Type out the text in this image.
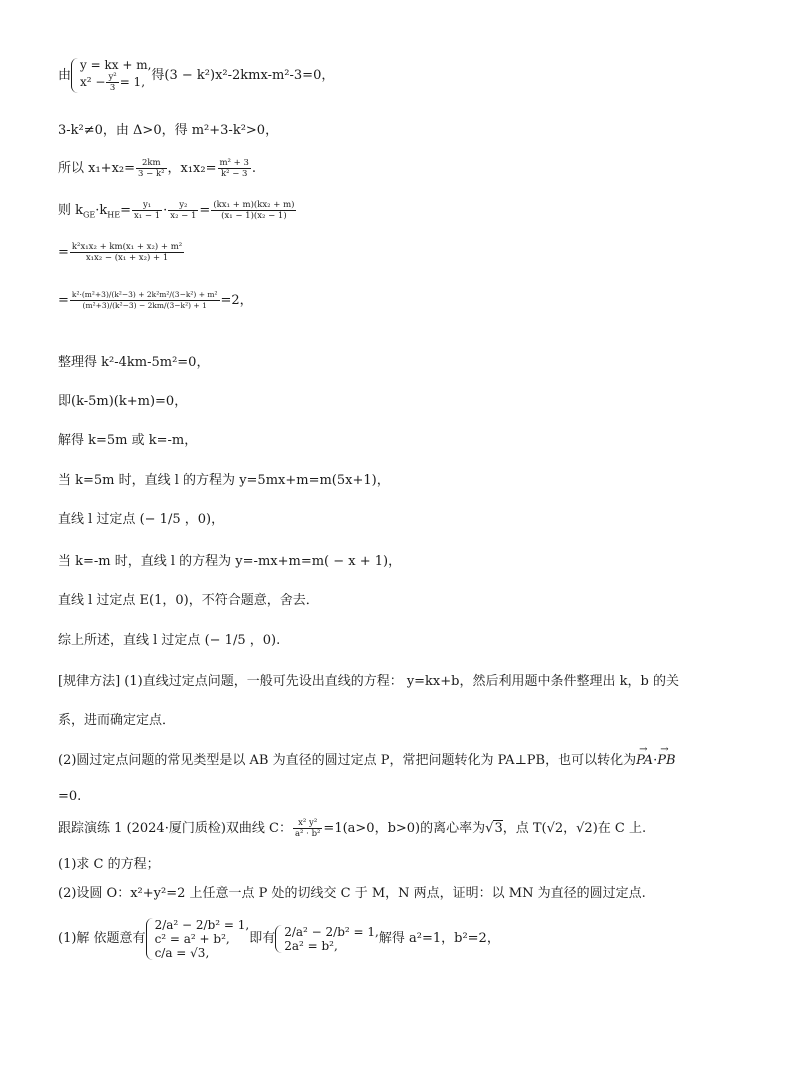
由
y = kx + m,
$x^2 - \frac{\text{y²}}{3} = 1$, 得(3 − k²)x²-2kmx-m²-3=0，
3-k²≠0，由 Δ>0，得 m²+3-k²>0，
所以 $x_1+x_2= \frac{2km}{\text{3 − k²}}$ ，$x_1x_2= \frac{\text{m² + 3}}{\text{k² − 3}}$ .
则 $k_{GE}\cdot k_{HE}= \frac{\text{y₁}}{\text{x₁ − 1}} \cdot \frac{\text{y₂}}{\text{x₂ − 1}} = \frac{\text{(kx₁ + m)(kx₂ + m)}}{\text{(x₁ − 1)(x₂ − 1)}}$
= $\frac{\text{k²x₁x₂ + km(x₁ + x₂) + m²}}{\text{x₁x₂ − (x₁ + x₂) + 1}}$
= $\frac{\text{k²·(m²+3)/(k²−3) + 2k²m²/(3−k²) + m²}}{\text{(m²+3)/(k²−3) − 2km/(3−k²) + 1}} =2$，
整理得 k²-4km-5m²=0，
即(k-5m)(k+m)=0，
解得 k=5m 或 k=-m，
当 k=5m 时，直线 l 的方程为 y=5mx+m=m(5x+1)，
直线 l 过定点 (− 1/5 ，0)，
当 k=-m 时，直线 l 的方程为 y=-mx+m=m( − x + 1)，
直线 l 过定点 E(1，0)，不符合题意，舍去．
综上所述，直线 l 过定点 (− 1/5 ，0).
[规律方法] (1)直线过定点问题，一般可先设出直线的方程： y=kx+b，然后利用题中条件整理出 k，b 的关
系，进而确定定点．
(2)圆过定点问题的常见类型是以 AB 为直径的圆过定点 P，常把问题转化为 PA⊥PB，也可以转化为→ PA·→ PB
=0.
跟踪演练 1 (2024·厦门质检)双曲线 C： $\frac{\text{x² y²}}{\text{a² · b²}} =1(a>0$，b>0)的离心率为√3，点 T(√2，√2)在 C 上.
(1)求 C 的方程；
(2)设圆 O：x²+y²=2 上任意一点 P 处的切线交 C 于 M，N 两点，证明：以 MN 为直径的圆过定点.
(1)解 依题意有
2/a² − 2/b² = 1,
c² = a² + b²,
c/a = √3,
即有 2/a² − 2/b² = 1,
2a² = b²,	解得 a²=1，b²=2，
